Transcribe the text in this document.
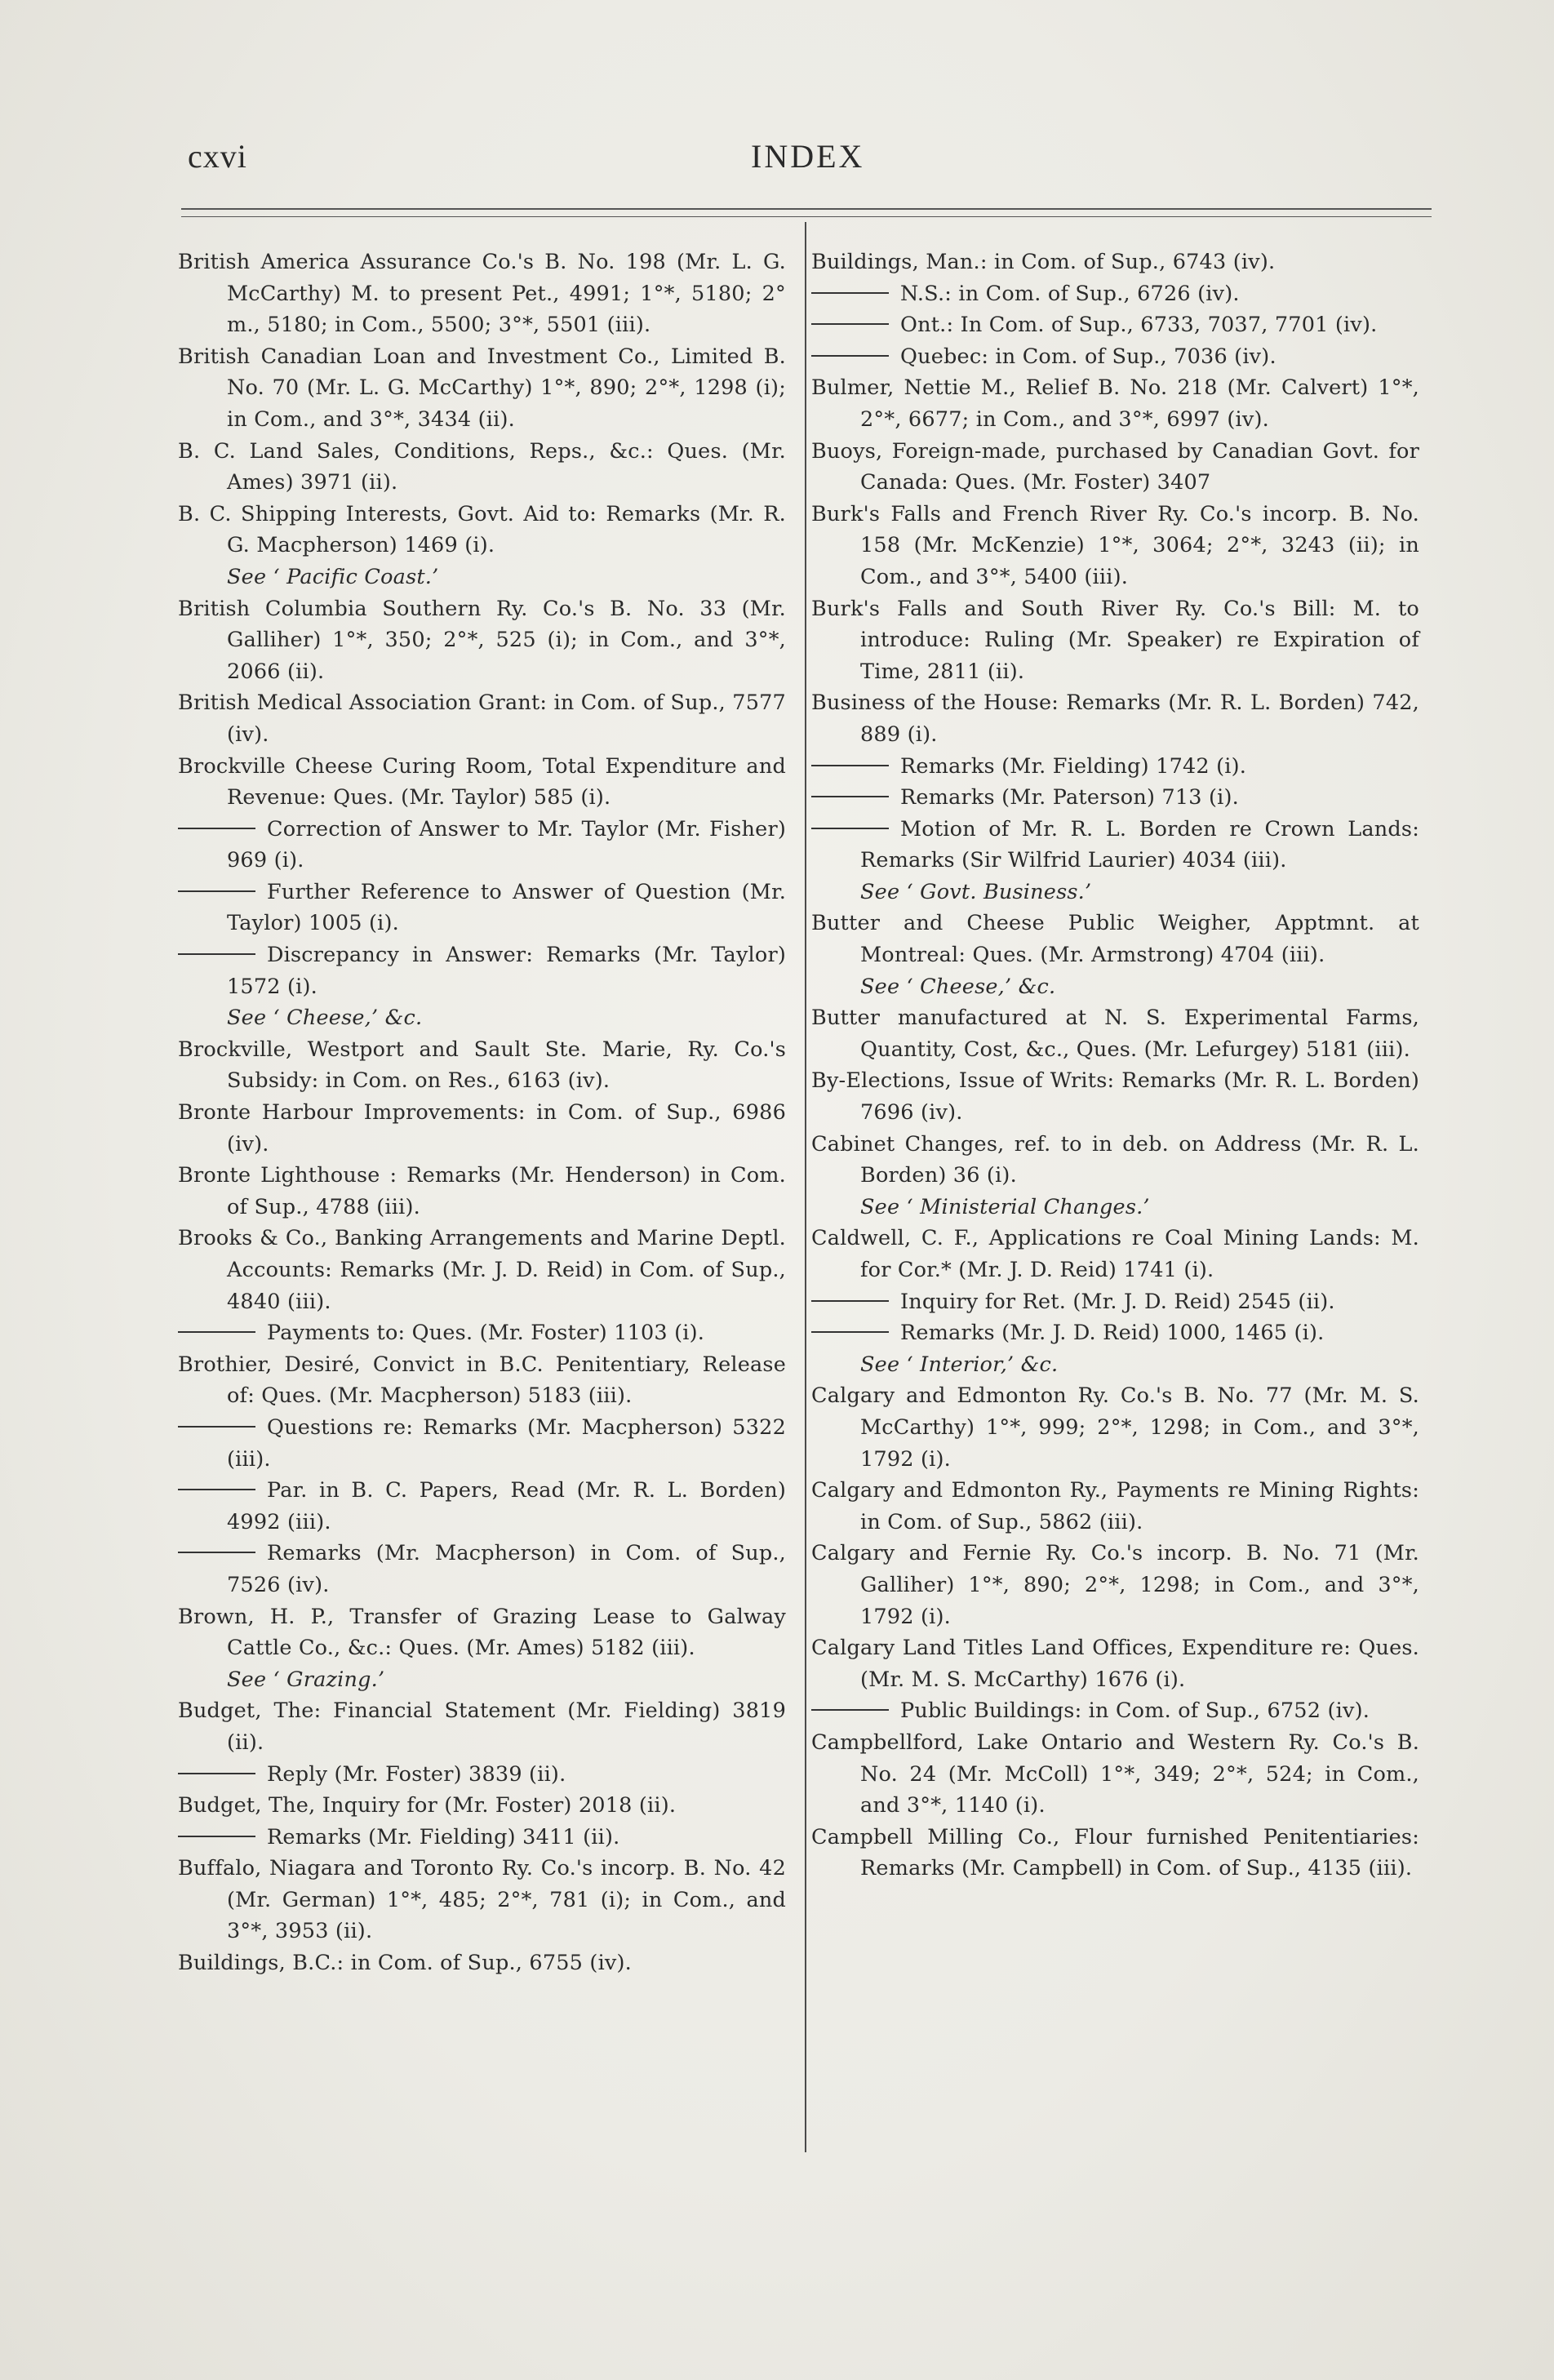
cxvi	INDEX

British America Assurance Co.'s B. No. 198 (Mr. L. G. McCarthy) M. to present Pet., 4991; 1°*, 5180; 2° m., 5180; in Com., 5500; 3°*, 5501 (iii).

British Canadian Loan and Investment Co., Limited B. No. 70 (Mr. L. G. McCarthy) 1°*, 890; 2°*, 1298 (i); in Com., and 3°*, 3434 (ii).

B. C. Land Sales, Conditions, Reps., &c.: Ques. (Mr. Ames) 3971 (ii).

B. C. Shipping Interests, Govt. Aid to: Remarks (Mr. R. G. Macpherson) 1469 (i).

See ‘ Pacific Coast.’

British Columbia Southern Ry. Co.'s B. No. 33 (Mr. Galliher) 1°*, 350; 2°*, 525 (i); in Com., and 3°*, 2066 (ii).

British Medical Association Grant: in Com. of Sup., 7577 (iv).

Brockville Cheese Curing Room, Total Expenditure and Revenue: Ques. (Mr. Taylor) 585 (i).

Correction of Answer to Mr. Taylor (Mr. Fisher) 969 (i).

Further Reference to Answer of Question (Mr. Taylor) 1005 (i).

Discrepancy in Answer: Remarks (Mr. Taylor) 1572 (i).

See ‘ Cheese,’ &c.

Brockville, Westport and Sault Ste. Marie, Ry. Co.'s Subsidy: in Com. on Res., 6163 (iv).

Bronte Harbour Improvements: in Com. of Sup., 6986 (iv).

Bronte Lighthouse : Remarks (Mr. Henderson) in Com. of Sup., 4788 (iii).

Brooks & Co., Banking Arrangements and Marine Deptl. Accounts: Remarks (Mr. J. D. Reid) in Com. of Sup., 4840 (iii).

Payments to: Ques. (Mr. Foster) 1103 (i).

Brothier, Desiré, Convict in B.C. Penitentiary, Release of: Ques. (Mr. Macpherson) 5183 (iii).

Questions re: Remarks (Mr. Macpherson) 5322 (iii).

Par. in B. C. Papers, Read (Mr. R. L. Borden) 4992 (iii).

Remarks (Mr. Macpherson) in Com. of Sup., 7526 (iv).

Brown, H. P., Transfer of Grazing Lease to Galway Cattle Co., &c.: Ques. (Mr. Ames) 5182 (iii).

See ‘ Grazing.’

Budget, The: Financial Statement (Mr. Fielding) 3819 (ii).

Reply (Mr. Foster) 3839 (ii).

Budget, The, Inquiry for (Mr. Foster) 2018 (ii).

Remarks (Mr. Fielding) 3411 (ii).

Buffalo, Niagara and Toronto Ry. Co.'s incorp. B. No. 42 (Mr. German) 1°*, 485; 2°*, 781 (i); in Com., and 3°*, 3953 (ii).

Buildings, B.C.: in Com. of Sup., 6755 (iv).

Buildings, Man.: in Com. of Sup., 6743 (iv).

N.S.: in Com. of Sup., 6726 (iv).

Ont.: In Com. of Sup., 6733, 7037, 7701 (iv).

Quebec: in Com. of Sup., 7036 (iv).

Bulmer, Nettie M., Relief B. No. 218 (Mr. Calvert) 1°*, 2°*, 6677; in Com., and 3°*, 6997 (iv).

Buoys, Foreign-made, purchased by Canadian Govt. for Canada: Ques. (Mr. Foster) 3407

Burk's Falls and French River Ry. Co.'s incorp. B. No. 158 (Mr. McKenzie) 1°*, 3064; 2°*, 3243 (ii); in Com., and 3°*, 5400 (iii).

Burk's Falls and South River Ry. Co.'s Bill: M. to introduce: Ruling (Mr. Speaker) re Expiration of Time, 2811 (ii).

Business of the House: Remarks (Mr. R. L. Borden) 742, 889 (i).

Remarks (Mr. Fielding) 1742 (i).

Remarks (Mr. Paterson) 713 (i).

Motion of Mr. R. L. Borden re Crown Lands: Remarks (Sir Wilfrid Laurier) 4034 (iii).

See ‘ Govt. Business.’

Butter and Cheese Public Weigher, Apptmnt. at Montreal: Ques. (Mr. Armstrong) 4704 (iii).

See ‘ Cheese,’ &c.

Butter manufactured at N. S. Experimental Farms, Quantity, Cost, &c., Ques. (Mr. Lefurgey) 5181 (iii).

By-Elections, Issue of Writs: Remarks (Mr. R. L. Borden) 7696 (iv).

Cabinet Changes, ref. to in deb. on Address (Mr. R. L. Borden) 36 (i).

See ‘ Ministerial Changes.’

Caldwell, C. F., Applications re Coal Mining Lands: M. for Cor.* (Mr. J. D. Reid) 1741 (i).

Inquiry for Ret. (Mr. J. D. Reid) 2545 (ii).

Remarks (Mr. J. D. Reid) 1000, 1465 (i).

See ‘ Interior,’ &c.

Calgary and Edmonton Ry. Co.'s B. No. 77 (Mr. M. S. McCarthy) 1°*, 999; 2°*, 1298; in Com., and 3°*, 1792 (i).

Calgary and Edmonton Ry., Payments re Mining Rights: in Com. of Sup., 5862 (iii).

Calgary and Fernie Ry. Co.'s incorp. B. No. 71 (Mr. Galliher) 1°*, 890; 2°*, 1298; in Com., and 3°*, 1792 (i).

Calgary Land Titles Land Offices, Expenditure re: Ques. (Mr. M. S. McCarthy) 1676 (i).

Public Buildings: in Com. of Sup., 6752 (iv).

Campbellford, Lake Ontario and Western Ry. Co.'s B. No. 24 (Mr. McColl) 1°*, 349; 2°*, 524; in Com., and 3°*, 1140 (i).

Campbell Milling Co., Flour furnished Penitentiaries: Remarks (Mr. Campbell) in Com. of Sup., 4135 (iii).
